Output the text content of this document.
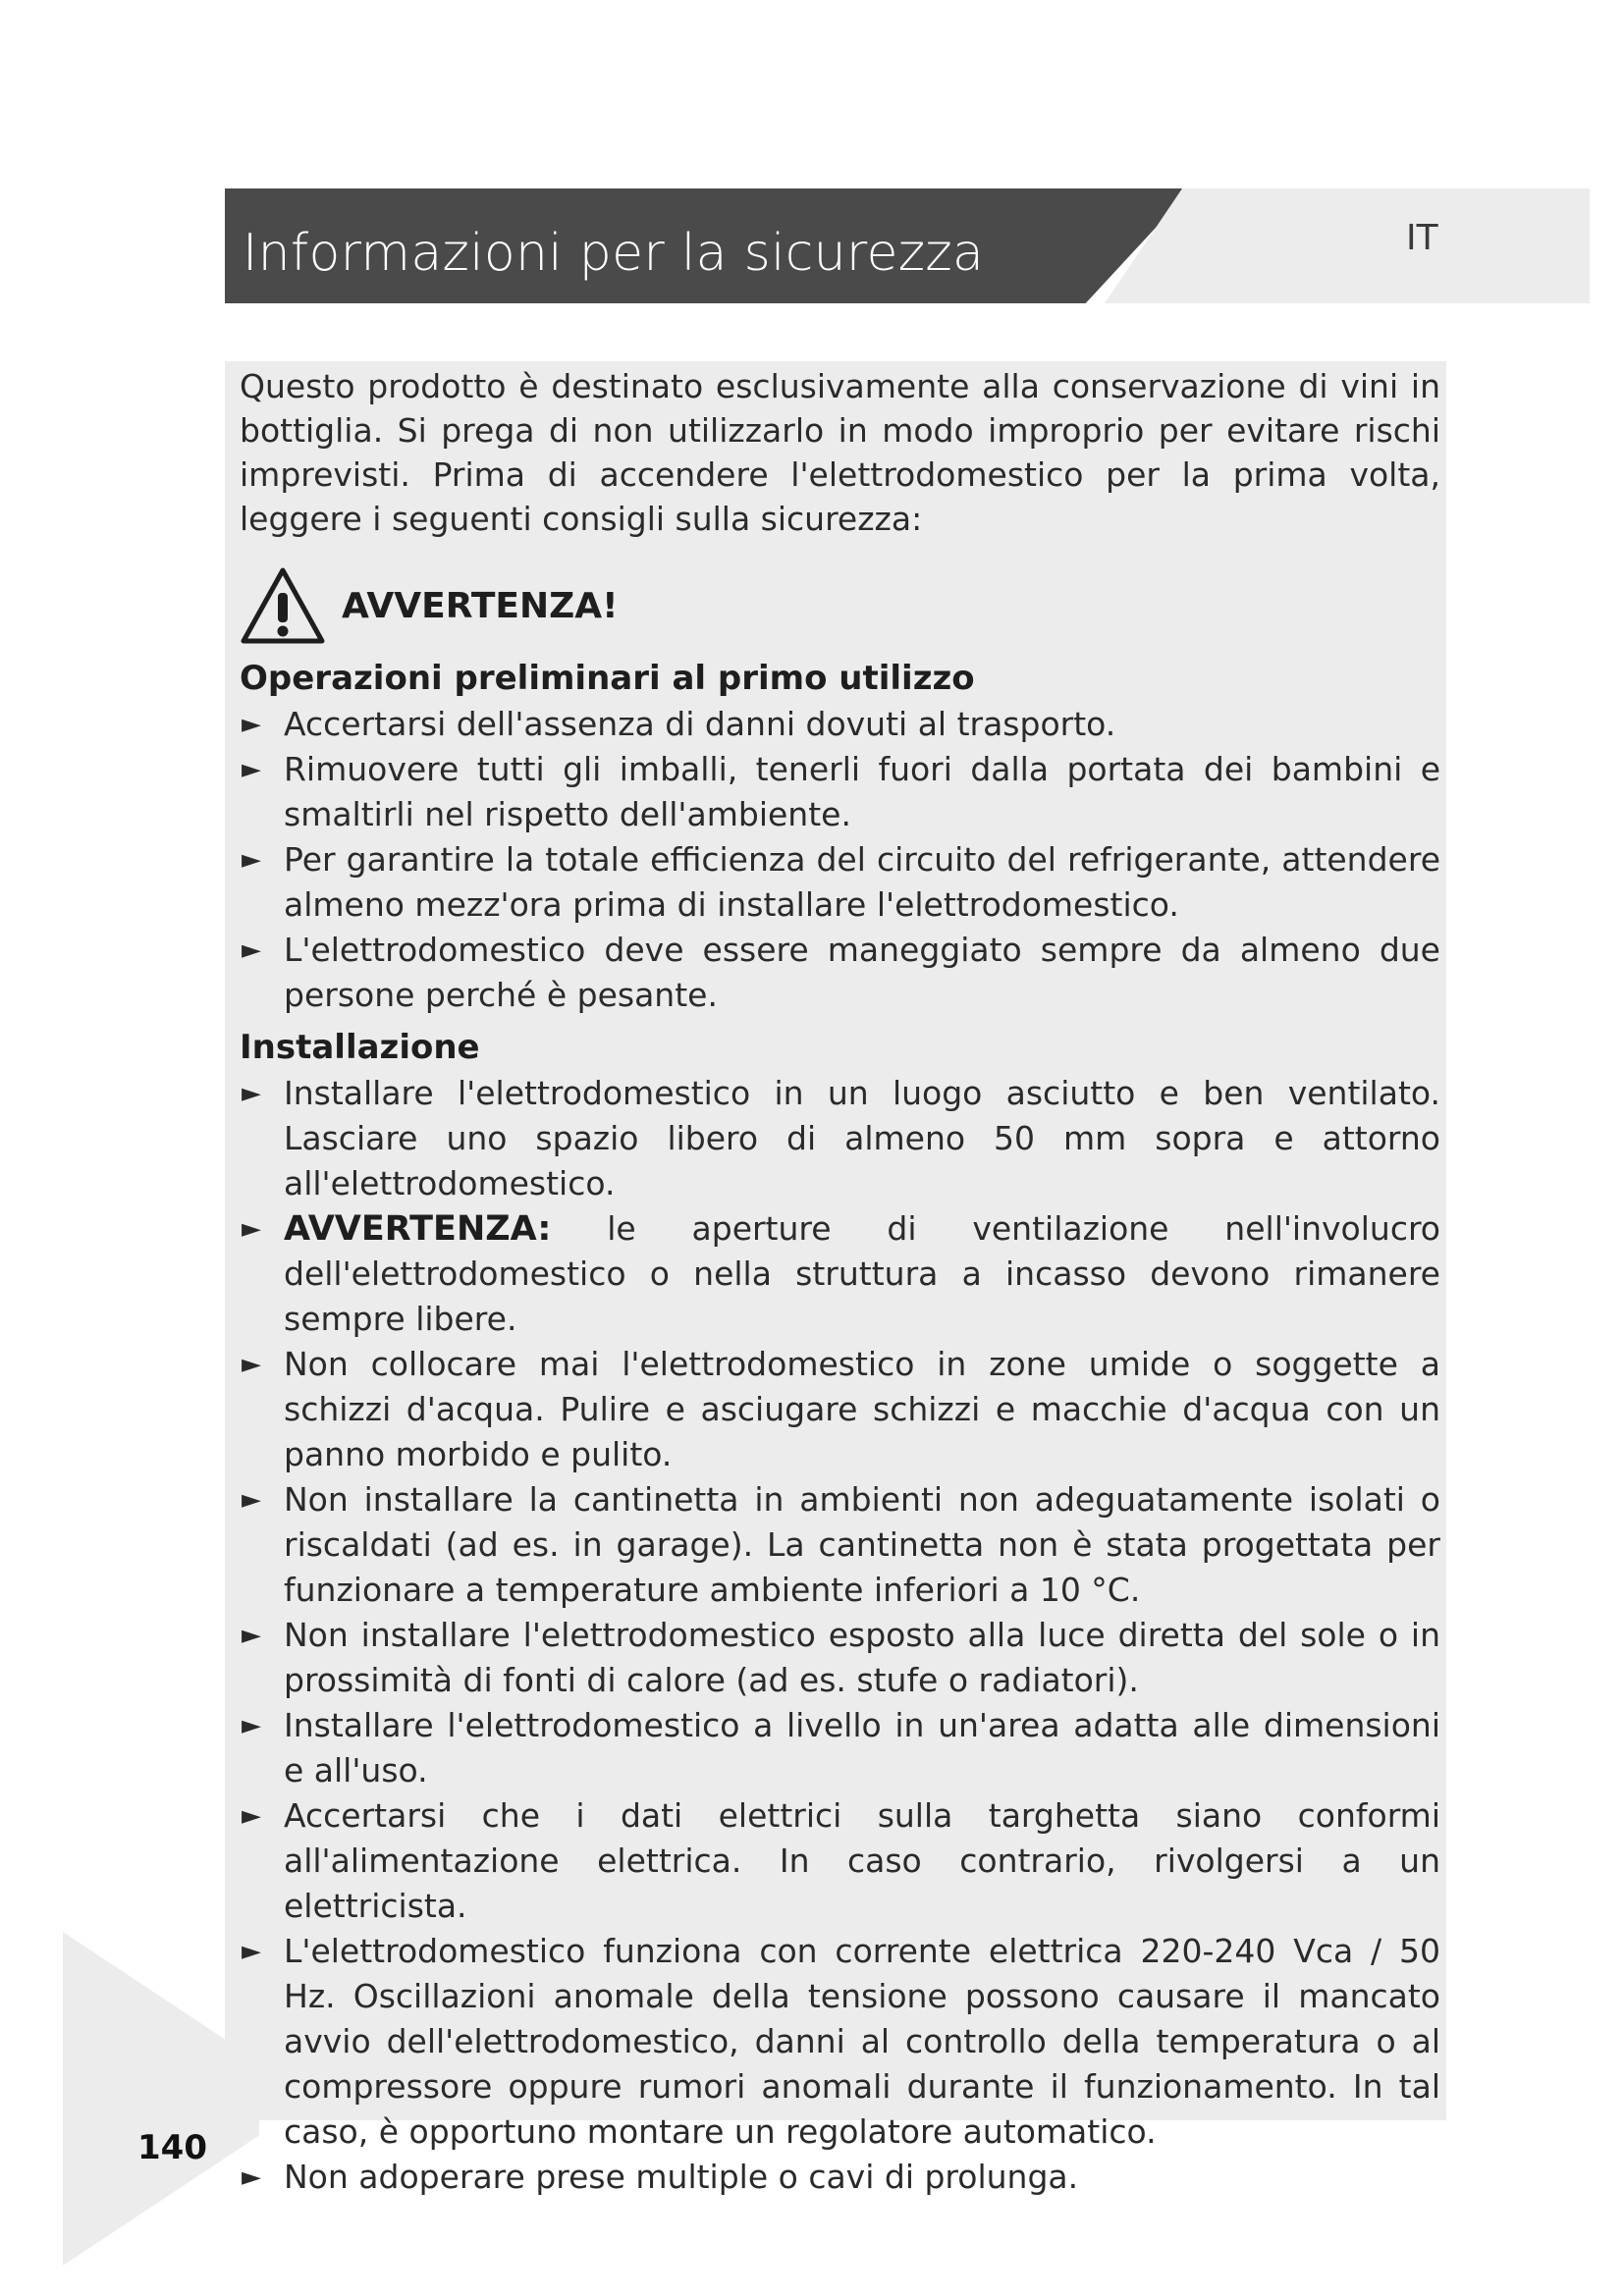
Informazioni per la sicurezza	IT

Questo prodotto è destinato esclusivamente alla conservazione di vini in bottiglia. Si prega di non utilizzarlo in modo improprio per evitare rischi imprevisti. Prima di accendere l'elettrodomestico per la prima volta, leggere i seguenti consigli sulla sicurezza:

AVVERTENZA!
Operazioni preliminari al primo utilizzo
► Accertarsi dell'assenza di danni dovuti al trasporto.
► Rimuovere tutti gli imballi, tenerli fuori dalla portata dei bambini e smaltirli nel rispetto dell'ambiente.
► Per garantire la totale efficienza del circuito del refrigerante, attendere almeno mezz'ora prima di installare l'elettrodomestico.
► L'elettrodomestico deve essere maneggiato sempre da almeno due persone perché è pesante.
Installazione
► Installare l'elettrodomestico in un luogo asciutto e ben ventilato. Lasciare uno spazio libero di almeno 50 mm sopra e attorno all'elettrodomestico.
► AVVERTENZA: le aperture di ventilazione nell'involucro dell'elettrodomestico o nella struttura a incasso devono rimanere sempre libere.
► Non collocare mai l'elettrodomestico in zone umide o soggette a schizzi d'acqua. Pulire e asciugare schizzi e macchie d'acqua con un panno morbido e pulito.
► Non installare la cantinetta in ambienti non adeguatamente isolati o riscaldati (ad es. in garage). La cantinetta non è stata progettata per funzionare a temperature ambiente inferiori a 10 °C.
► Non installare l'elettrodomestico esposto alla luce diretta del sole o in prossimità di fonti di calore (ad es. stufe o radiatori).
► Installare l'elettrodomestico a livello in un'area adatta alle dimensioni e all'uso.
► Accertarsi che i dati elettrici sulla targhetta siano conformi all'alimentazione elettrica. In caso contrario, rivolgersi a un elettricista.
► L'elettrodomestico funziona con corrente elettrica 220-240 Vca / 50 Hz. Oscillazioni anomale della tensione possono causare il mancato avvio dell'elettrodomestico, danni al controllo della temperatura o al compressore oppure rumori anomali durante il funzionamento. In tal caso, è opportuno montare un regolatore automatico.
► Non adoperare prese multiple o cavi di prolunga.
140
